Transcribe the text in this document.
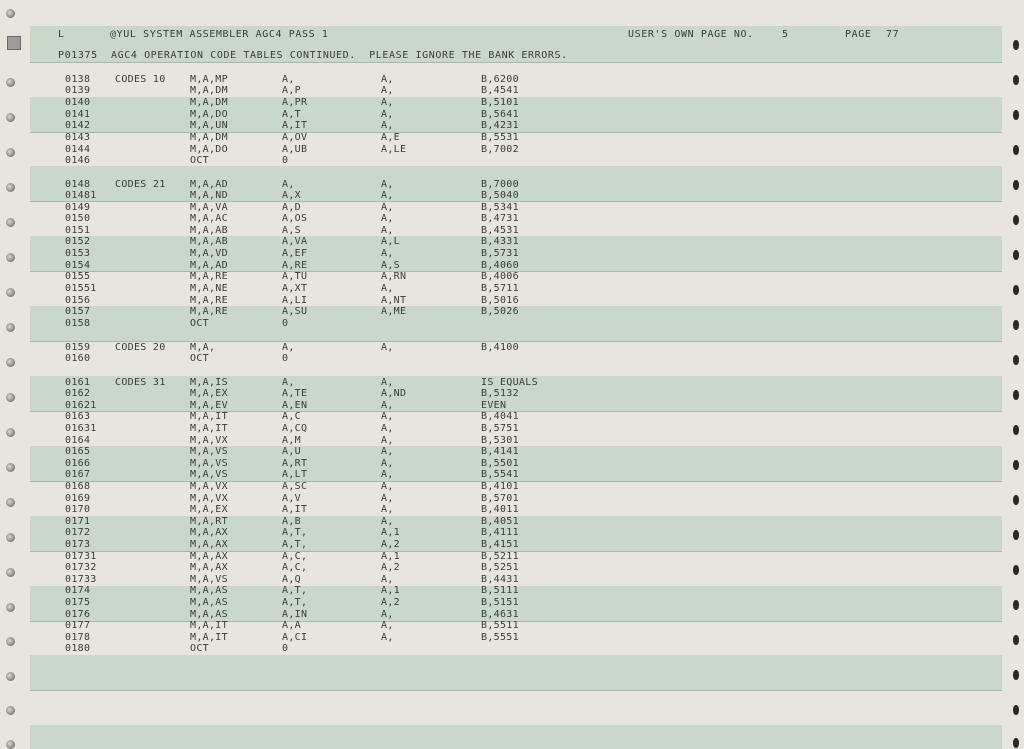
L	@YUL SYSTEM ASSEMBLER AGC4 PASS 1	USER'S OWN PAGE NO.	5	PAGE 77
P01375  AGC4 OPERATION CODE TABLES CONTINUED.  PLEASE IGNORE THE BANK ERRORS.
0138 CODES 10 M,A,MP	A,	A,	B,6200
0139	M,A,DM	A,P	A,	B,4541
0140	M,A,DM	A,PR	A,	B,5101
0141	M,A,DO	A,T	A,	B,5641
0142	M,A,UN	A,IT	A,	B,4231
0143	M,A,DM	A,OV	A,E	B,5531
0144	M,A,DO	A,UB	A,LE	B,7002
0146	OCT	0
0148 CODES 21 M,A,AD	A,	A,	B,7000
01481	M,A,ND	A,X	A,	B,5040
0149	M,A,VA	A,D	A,	B,5341
0150	M,A,AC	A,OS	A,	B,4731
0151	M,A,AB	A,S	A,	B,4531
0152	M,A,AB	A,VA	A,L	B,4331
0153	M,A,VD	A,EF	A,	B,5731
0154	M,A,AD	A,RE	A,S	B,4060
0155	M,A,RE	A,TU	A,RN	B,4006
01551	M,A,NE	A,XT	A,	B,5711
0156	M,A,RE	A,LI	A,NT	B,5016
0157	M,A,RE	A,SU	A,ME	B,5026
0158	OCT	0
0159 CODES 20 M,A,	A,	A,	B,4100
0160	OCT	0
0161 CODES 31 M,A,IS	A,	A,	IS EQUALS
0162	M,A,EX	A,TE	A,ND	B,5132
01621	M,A,EV	A,EN	A,	EVEN
0163	M,A,IT	A,C	A,	B,4041
01631	M,A,IT	A,CQ	A,	B,5751
0164	M,A,VX	A,M	A,	B,5301
0165	M,A,VS	A,U	A,	B,4141
0166	M,A,VS	A,RT	A,	B,5501
0167	M,A,VS	A,LT	A,	B,5541
0168	M,A,VX	A,SC	A,	B,4101
0169	M,A,VX	A,V	A,	B,5701
0170	M,A,EX	A,IT	A,	B,4011
0171	M,A,RT	A,B	A,	B,4051
0172	M,A,AX	A,T,	A,1	B,4111
0173	M,A,AX	A,T,	A,2	B,4151
01731	M,A,AX	A,C,	A,1	B,5211
01732	M,A,AX	A,C,	A,2	B,5251
01733	M,A,VS	A,Q	A,	B,4431
0174	M,A,AS	A,T,	A,1	B,5111
0175	M,A,AS	A,T,	A,2	B,5151
0176	M,A,AS	A,IN	A,	B,4631
0177	M,A,IT	A,A	A,	B,5511
0178	M,A,IT	A,CI	A,	B,5551
0180	OCT	0
